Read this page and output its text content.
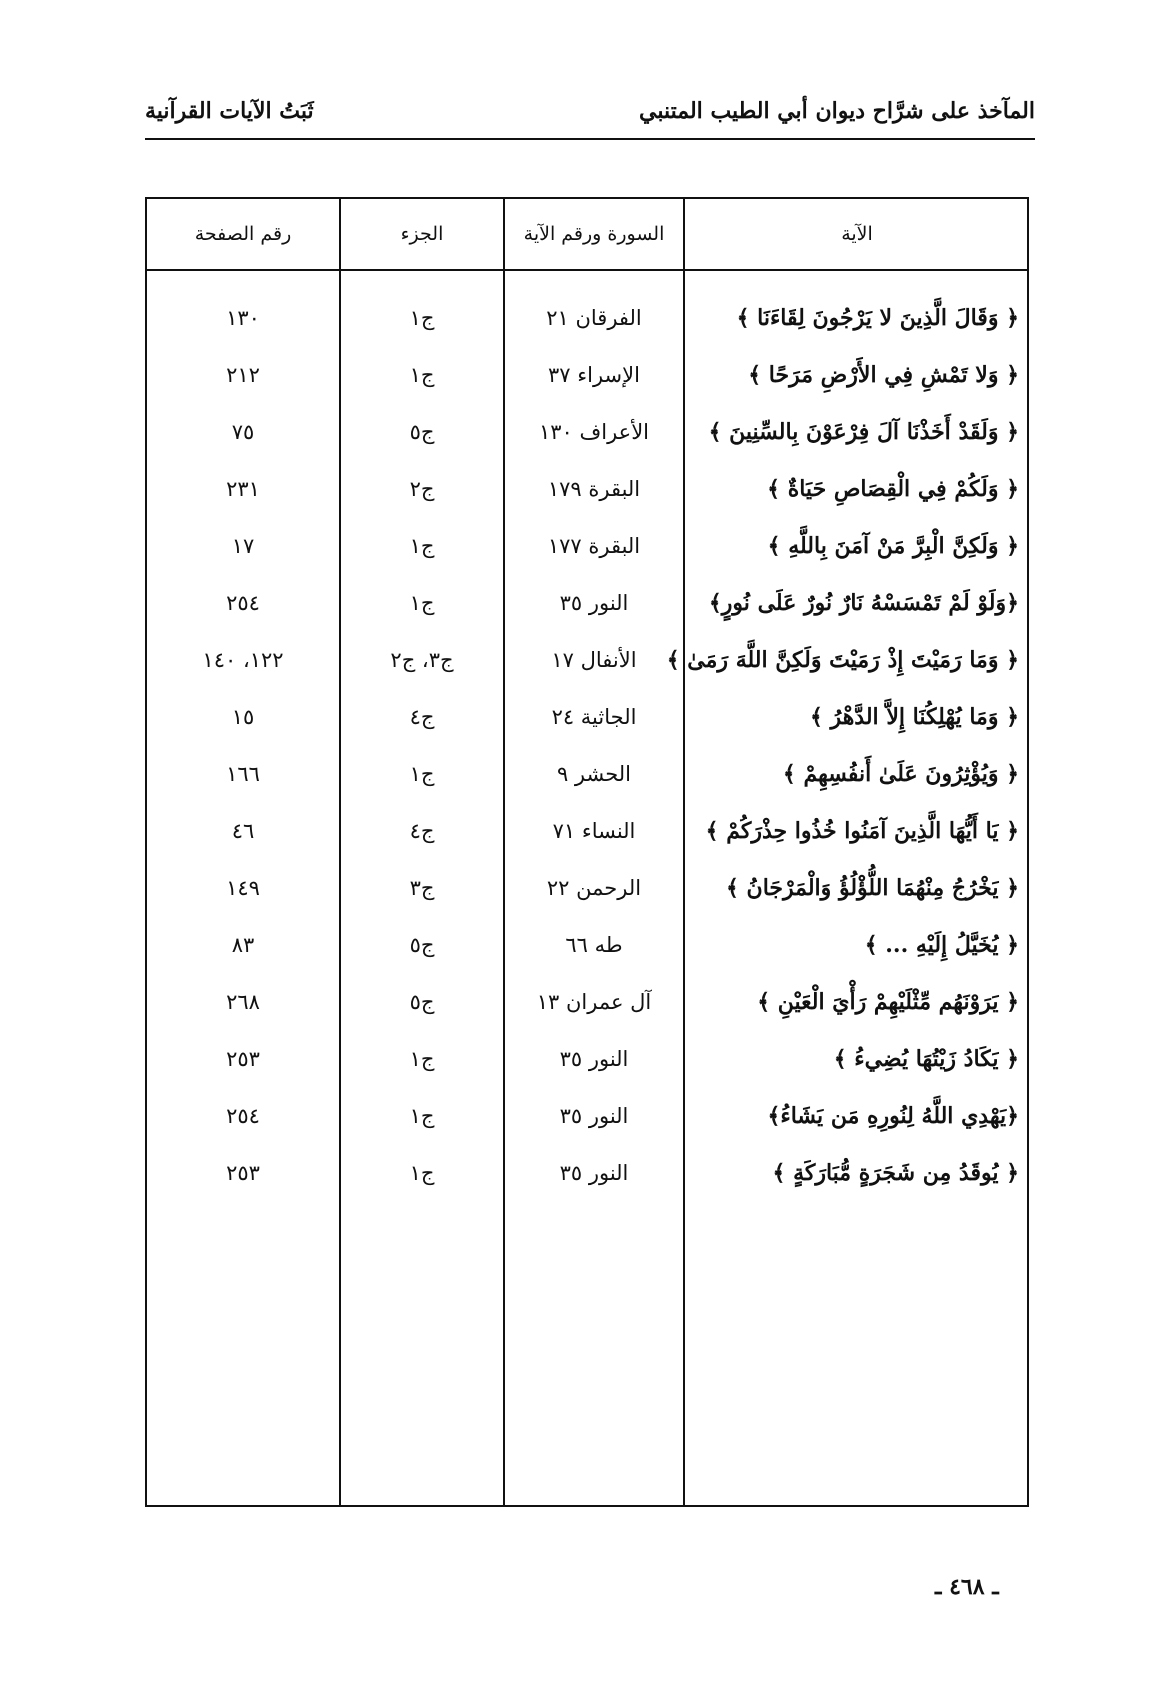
المآخذ على شرَّاح ديوان أبي الطيب المتنبي
ثَبَتُ الآيات القرآنية
الآية
السورة ورقم الآية
الجزء
رقم الصفحة
﴿ وَقَالَ الَّذِينَ لا يَرْجُونَ لِقَاءَنَا ﴾
الفرقان ٢١
ج١
١٣٠
﴿ وَلا تَمْشِ فِي الأَرْضِ مَرَحًا ﴾
الإسراء ٣٧
ج١
٢١٢
﴿ وَلَقَدْ أَخَذْنَا آلَ فِرْعَوْنَ بِالسِّنِينَ ﴾
الأعراف ١٣٠
ج٥
٧٥
﴿ وَلَكُمْ فِي الْقِصَاصِ حَيَاةٌ ﴾
البقرة ١٧٩
ج٢
٢٣١
﴿ وَلَكِنَّ الْبِرَّ مَنْ آمَنَ بِاللَّهِ ﴾
البقرة ١٧٧
ج١
١٧
﴿وَلَوْ لَمْ تَمْسَسْهُ نَارٌ نُورٌ عَلَى نُورٍ﴾
النور ٣٥
ج١
٢٥٤
﴿ وَمَا رَمَيْتَ إِذْ رَمَيْتَ وَلَكِنَّ اللَّهَ رَمَىٰ ﴾
الأنفال ١٧
ج٣، ج٢
١٢٢، ١٤٠
﴿ وَمَا يُهْلِكُنَا إِلاَّ الدَّهْرُ ﴾
الجاثية ٢٤
ج٤
١٥
﴿ وَيُؤْثِرُونَ عَلَىٰ أَنفُسِهِمْ ﴾
الحشر ٩
ج١
١٦٦
﴿ يَا أَيُّهَا الَّذِينَ آمَنُوا خُذُوا حِذْرَكُمْ ﴾
النساء ٧١
ج٤
٤٦
﴿ يَخْرُجُ مِنْهُمَا اللُّؤْلُؤُ وَالْمَرْجَانُ ﴾
الرحمن ٢٢
ج٣
١٤٩
﴿ يُخَيَّلُ إِلَيْهِ ... ﴾
طه ٦٦
ج٥
٨٣
﴿ يَرَوْنَهُم مِّثْلَيْهِمْ رَأْيَ الْعَيْنِ ﴾
آل عمران ١٣
ج٥
٢٦٨
﴿ يَكَادُ زَيْتُهَا يُضِيءُ ﴾
النور ٣٥
ج١
٢٥٣
﴿يَهْدِي اللَّهُ لِنُورِهِ مَن يَشَاءُ﴾
النور ٣٥
ج١
٢٥٤
﴿ يُوقَدُ مِن شَجَرَةٍ مُّبَارَكَةٍ ﴾
النور ٣٥
ج١
٢٥٣
ـ ٤٦٨ ـ
